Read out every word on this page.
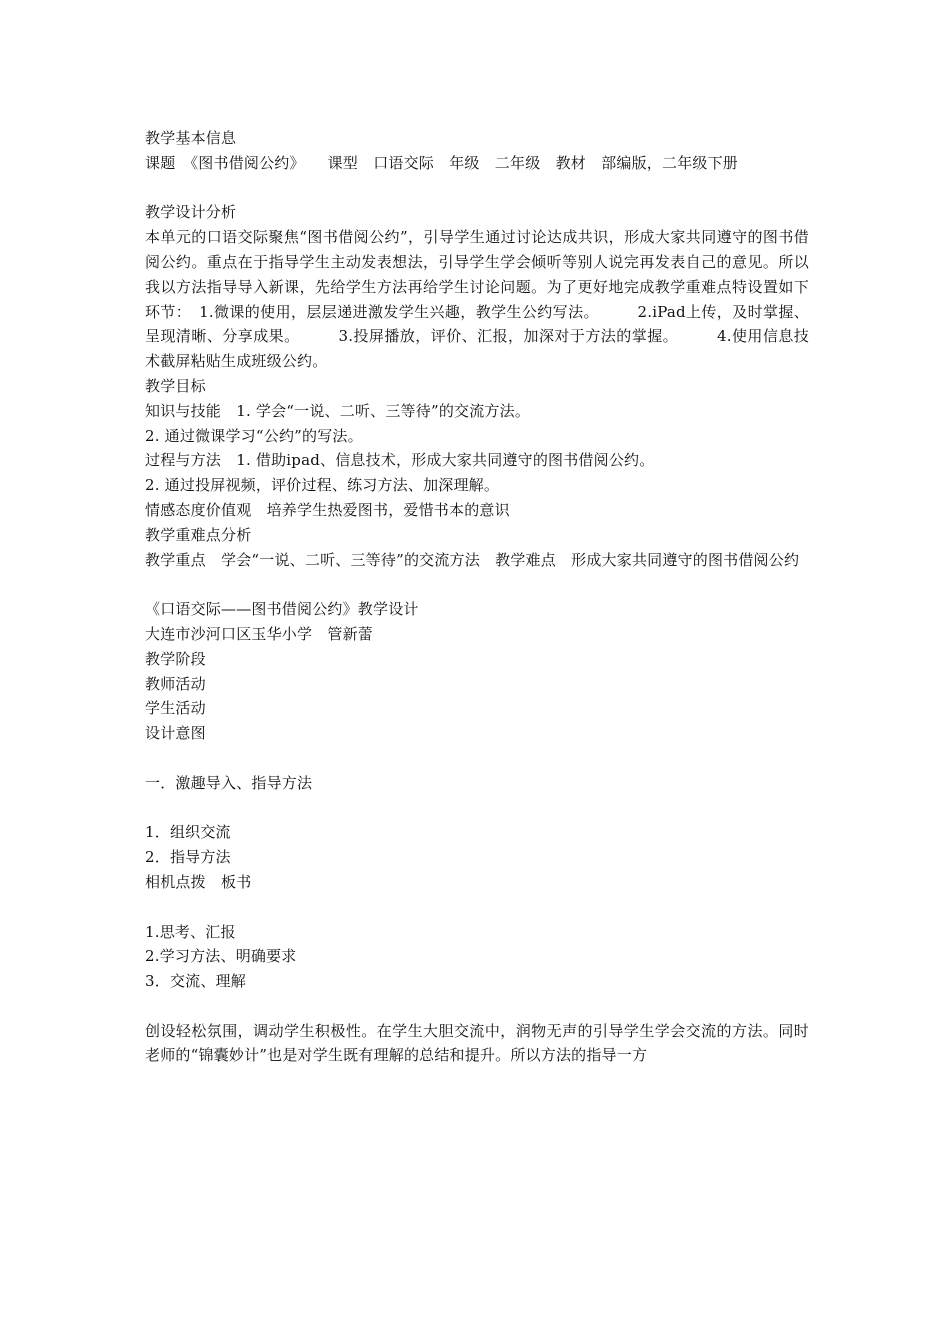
教学基本信息
课题　《图书借阅公约》　　课型　口语交际　年级　二年级　教材　部编版，二年级下册
教学设计分析
本单元的口语交际聚焦“图书借阅公约”，引导学生通过讨论达成共识，形成大家共同遵守的图书借阅公约。重点在于指导学生主动发表想法，引导学生学会倾听等别人说完再发表自己的意见。所以我以方法指导导入新课，先给学生方法再给学生讨论问题。为了更好地完成教学重难点特设置如下环节：　1.微课的使用，层层递进激发学生兴趣，教学生公约写法。　　　2.iPad上传，及时掌握、呈现清晰、分享成果。　　　3.投屏播放，评价、汇报，加深对于方法的掌握。　　　4.使用信息技术截屏粘贴生成班级公约。
教学目标
知识与技能　1. 学会“一说、二听、三等待”的交流方法。
2. 通过微课学习“公约”的写法。
过程与方法　1. 借助ipad、信息技术，形成大家共同遵守的图书借阅公约。
2. 通过投屏视频，评价过程、练习方法、加深理解。
情感态度价值观　培养学生热爱图书，爱惜书本的意识
教学重难点分析
教学重点　学会“一说、二听、三等待”的交流方法　教学难点　形成大家共同遵守的图书借阅公约
《口语交际——图书借阅公约》教学设计
大连市沙河口区玉华小学　管新蕾
教学阶段
教师活动
学生活动
设计意图
一．激趣导入、指导方法
1．组织交流
2．指导方法
相机点拨　板书
1.思考、汇报
2.学习方法、明确要求
3．交流、理解
创设轻松氛围，调动学生积极性。在学生大胆交流中，润物无声的引导学生学会交流的方法。同时老师的“锦囊妙计”也是对学生既有理解的总结和提升。所以方法的指导一方
